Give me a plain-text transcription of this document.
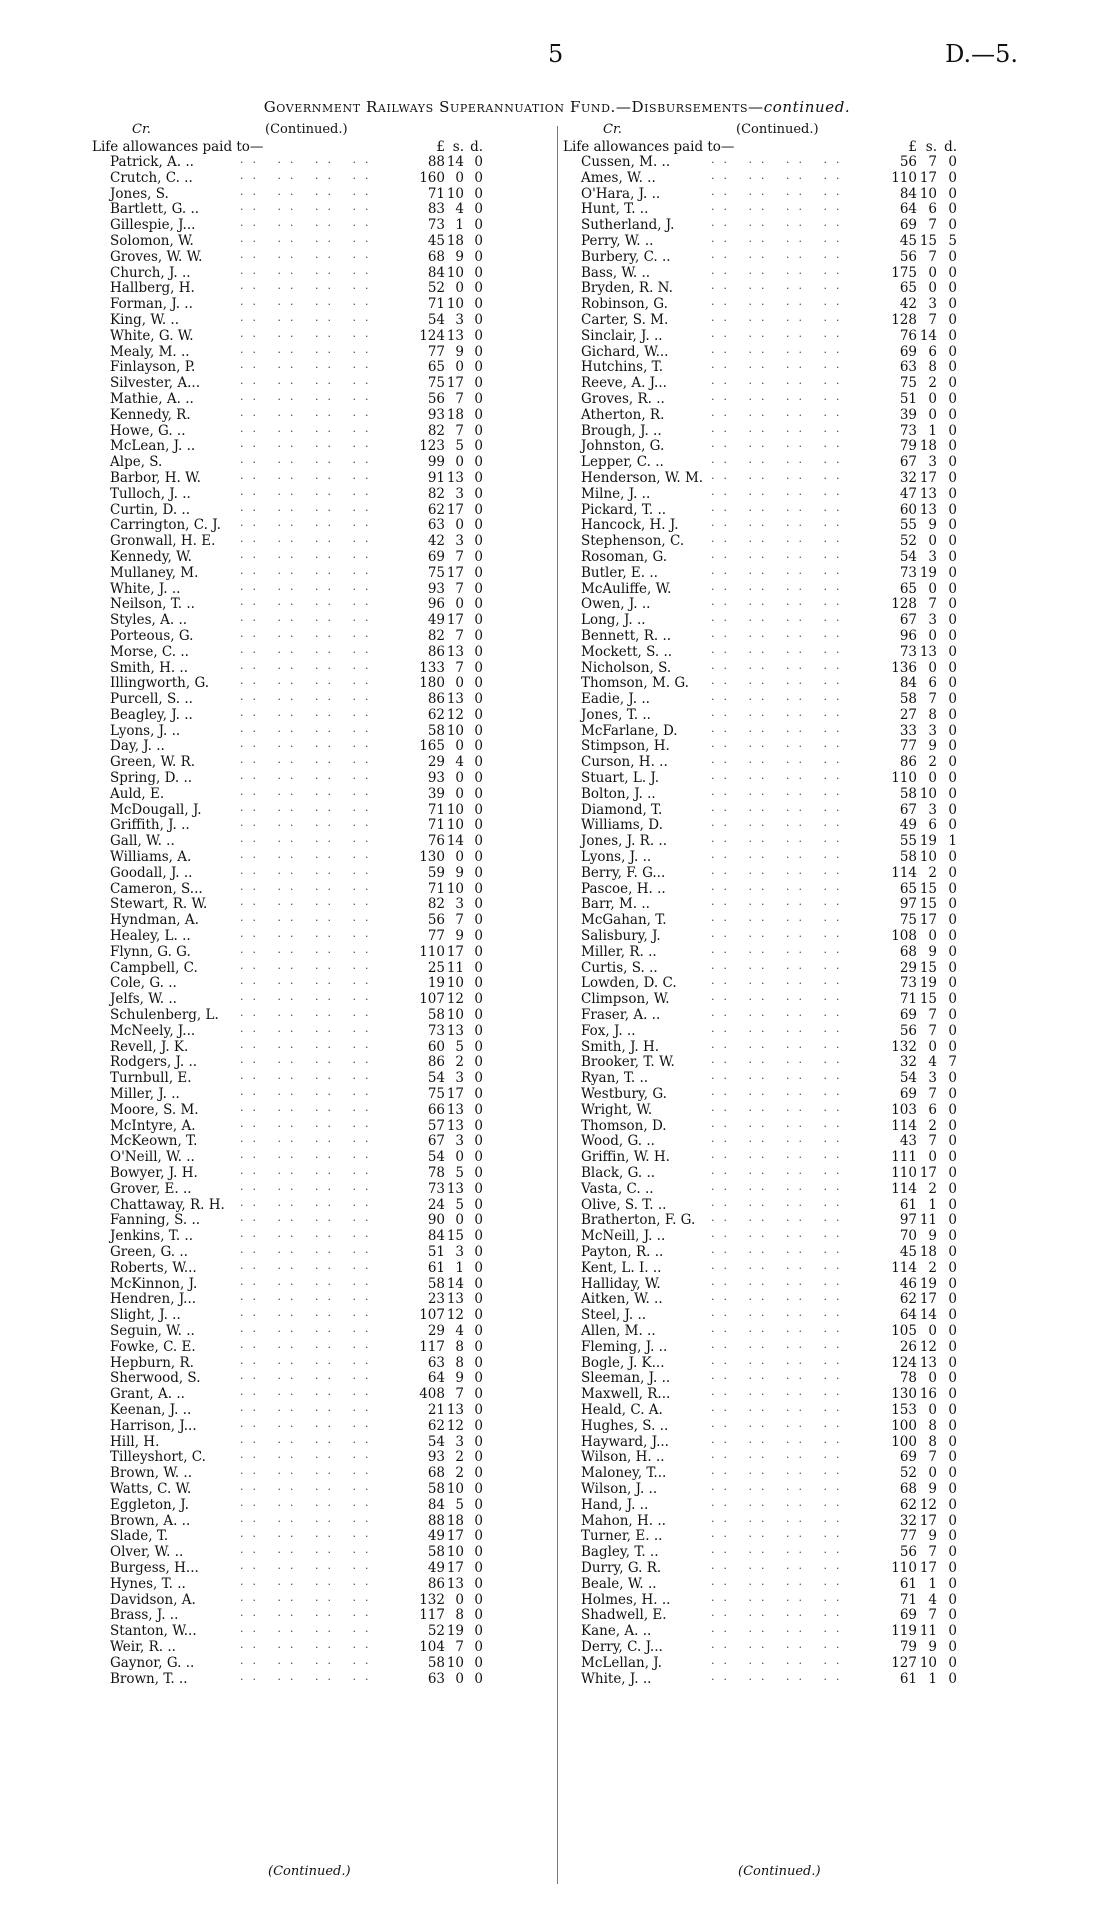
5	D.—5.
Government Railways Superannuation Fund.—Disbursements—continued.
Cr.	(Continued.)
Life allowances paid to—	£ s. d.
Patrick, A. ..	88 14 0
·· ·· ·· ··
Crutch, C. ..	160 0 0
·· ·· ·· ··
Jones, S.	71 10 0
·· ·· ·· ··
Bartlett, G. ..	83 4 0
·· ·· ·· ··
Gillespie, J...	73 1 0
·· ·· ·· ··
Solomon, W.	45 18 0
·· ·· ·· ··
Groves, W. W.	68 9 0
·· ·· ·· ··
Church, J. ..	84 10 0
·· ·· ·· ··
Hallberg, H.	52 0 0
·· ·· ·· ··
Forman, J. ..	71 10 0
·· ·· ·· ··
King, W. ..	54 3 0
·· ·· ·· ··
White, G. W.	124 13 0
·· ·· ·· ··
Mealy, M. ..	77 9 0
·· ·· ·· ··
Finlayson, P.	65 0 0
·· ·· ·· ··
Silvester, A...	75 17 0
·· ·· ·· ··
Mathie, A. ..	56 7 0
·· ·· ·· ··
Kennedy, R.	93 18 0
·· ·· ·· ··
Howe, G. ..	82 7 0
·· ·· ·· ··
McLean, J. ..	123 5 0
·· ·· ·· ··
Alpe, S.	99 0 0
·· ·· ·· ··
Barbor, H. W.	91 13 0
·· ·· ·· ··
Tulloch, J. ..	82 3 0
·· ·· ·· ··
Curtin, D. ..	62 17 0
·· ·· ·· ··
Carrington, C. J.	63 0 0
·· ·· ·· ··
Gronwall, H. E.	42 3 0
·· ·· ·· ··
Kennedy, W.	69 7 0
·· ·· ·· ··
Mullaney, M.	75 17 0
·· ·· ·· ··
White, J. ..	93 7 0
·· ·· ·· ··
Neilson, T. ..	96 0 0
·· ·· ·· ··
Styles, A. ..	49 17 0
·· ·· ·· ··
Porteous, G.	82 7 0
·· ·· ·· ··
Morse, C. ..	86 13 0
·· ·· ·· ··
Smith, H. ..	133 7 0
·· ·· ·· ··
Illingworth, G.	180 0 0
·· ·· ·· ··
Purcell, S. ..	86 13 0
·· ·· ·· ··
Beagley, J. ..	62 12 0
·· ·· ·· ··
Lyons, J. ..	58 10 0
·· ·· ·· ··
Day, J. ..	165 0 0
·· ·· ·· ··
Green, W. R.	29 4 0
·· ·· ·· ··
Spring, D. ..	93 0 0
·· ·· ·· ··
Auld, E.	39 0 0
·· ·· ·· ··
McDougall, J.	71 10 0
·· ·· ·· ··
Griffith, J. ..	71 10 0
·· ·· ·· ··
Gall, W. ..	76 14 0
·· ·· ·· ··
Williams, A.	130 0 0
·· ·· ·· ··
Goodall, J. ..	59 9 0
·· ·· ·· ··
Cameron, S...	71 10 0
·· ·· ·· ··
Stewart, R. W.	82 3 0
·· ·· ·· ··
Hyndman, A.	56 7 0
·· ·· ·· ··
Healey, L. ..	77 9 0
·· ·· ·· ··
Flynn, G. G.	110 17 0
·· ·· ·· ··
Campbell, C.	25 11 0
·· ·· ·· ··
Cole, G. ..	19 10 0
·· ·· ·· ··
Jelfs, W. ..	107 12 0
·· ·· ·· ··
Schulenberg, L.	58 10 0
·· ·· ·· ··
McNeely, J...	73 13 0
·· ·· ·· ··
Revell, J. K.	60 5 0
·· ·· ·· ··
Rodgers, J. ..	86 2 0
·· ·· ·· ··
Turnbull, E.	54 3 0
·· ·· ·· ··
Miller, J. ..	75 17 0
·· ·· ·· ··
Moore, S. M.	66 13 0
·· ·· ·· ··
McIntyre, A.	57 13 0
·· ·· ·· ··
McKeown, T.	67 3 0
·· ·· ·· ··
O'Neill, W. ..	54 0 0
·· ·· ·· ··
Bowyer, J. H.	78 5 0
·· ·· ·· ··
Grover, E. ..	73 13 0
·· ·· ·· ··
Chattaway, R. H.	24 5 0
·· ·· ·· ··
Fanning, S. ..	90 0 0
·· ·· ·· ··
Jenkins, T. ..	84 15 0
·· ·· ·· ··
Green, G. ..	51 3 0
·· ·· ·· ··
Roberts, W...	61 1 0
·· ·· ·· ··
McKinnon, J.	58 14 0
·· ·· ·· ··
Hendren, J...	23 13 0
·· ·· ·· ··
Slight, J. ..	107 12 0
·· ·· ·· ··
Seguin, W. ..	29 4 0
·· ·· ·· ··
Fowke, C. E.	117 8 0
·· ·· ·· ··
Hepburn, R.	63 8 0
·· ·· ·· ··
Sherwood, S.	64 9 0
·· ·· ·· ··
Grant, A. ..	408 7 0
·· ·· ·· ··
Keenan, J. ..	21 13 0
·· ·· ·· ··
Harrison, J...	62 12 0
·· ·· ·· ··
Hill, H.	54 3 0
·· ·· ·· ··
Tilleyshort, C.	93 2 0
·· ·· ·· ··
Brown, W. ..	68 2 0
·· ·· ·· ··
Watts, C. W.	58 10 0
·· ·· ·· ··
Eggleton, J.	84 5 0
·· ·· ·· ··
Brown, A. ..	88 18 0
·· ·· ·· ··
Slade, T.	49 17 0
·· ·· ·· ··
Olver, W. ..	58 10 0
·· ·· ·· ··
Burgess, H...	49 17 0
·· ·· ·· ··
Hynes, T. ..	86 13 0
·· ·· ·· ··
Davidson, A.	132 0 0
·· ·· ·· ··
Brass, J. ..	117 8 0
·· ·· ·· ··
Stanton, W...	52 19 0
·· ·· ·· ··
Weir, R. ..	104 7 0
·· ·· ·· ··
Gaynor, G. ..	58 10 0
·· ·· ·· ··
Brown, T. ..	63 0 0
·· ·· ·· ··
Cr.	(Continued.)
Life allowances paid to—	£ s. d.
Cussen, M. ..	56 7 0
·· ·· ·· ··
Ames, W. ..	110 17 0
·· ·· ·· ··
O'Hara, J. ..	84 10 0
·· ·· ·· ··
Hunt, T. ..	64 6 0
·· ·· ·· ··
Sutherland, J.	69 7 0
·· ·· ·· ··
Perry, W. ..	45 15 5
·· ·· ·· ··
Burbery, C. ..	56 7 0
·· ·· ·· ··
Bass, W. ..	175 0 0
·· ·· ·· ··
Bryden, R. N.	65 0 0
·· ·· ·· ··
Robinson, G.	42 3 0
·· ·· ·· ··
Carter, S. M.	128 7 0
·· ·· ·· ··
Sinclair, J. ..	76 14 0
·· ·· ·· ··
Gichard, W...	69 6 0
·· ·· ·· ··
Hutchins, T.	63 8 0
·· ·· ·· ··
Reeve, A. J...	75 2 0
·· ·· ·· ··
Groves, R. ..	51 0 0
·· ·· ·· ··
Atherton, R.	39 0 0
·· ·· ·· ··
Brough, J. ..	73 1 0
·· ·· ·· ··
Johnston, G.	79 18 0
·· ·· ·· ··
Lepper, C. ..	67 3 0
·· ·· ·· ··
Henderson, W. M.	32 17 0
·· ·· ·· ··
Milne, J. ..	47 13 0
·· ·· ·· ··
Pickard, T. ..	60 13 0
·· ·· ·· ··
Hancock, H. J.	55 9 0
·· ·· ·· ··
Stephenson, C.	52 0 0
·· ·· ·· ··
Rosoman, G.	54 3 0
·· ·· ·· ··
Butler, E. ..	73 19 0
·· ·· ·· ··
McAuliffe, W.	65 0 0
·· ·· ·· ··
Owen, J. ..	128 7 0
·· ·· ·· ··
Long, J. ..	67 3 0
·· ·· ·· ··
Bennett, R. ..	96 0 0
·· ·· ·· ··
Mockett, S. ..	73 13 0
·· ·· ·· ··
Nicholson, S.	136 0 0
·· ·· ·· ··
Thomson, M. G.	84 6 0
·· ·· ·· ··
Eadie, J. ..	58 7 0
·· ·· ·· ··
Jones, T. ..	27 8 0
·· ·· ·· ··
McFarlane, D.	33 3 0
·· ·· ·· ··
Stimpson, H.	77 9 0
·· ·· ·· ··
Curson, H. ..	86 2 0
·· ·· ·· ··
Stuart, L. J.	110 0 0
·· ·· ·· ··
Bolton, J. ..	58 10 0
·· ·· ·· ··
Diamond, T.	67 3 0
·· ·· ·· ··
Williams, D.	49 6 0
·· ·· ·· ··
Jones, J. R. ..	55 19 1
·· ·· ·· ··
Lyons, J. ..	58 10 0
·· ·· ·· ··
Berry, F. G...	114 2 0
·· ·· ·· ··
Pascoe, H. ..	65 15 0
·· ·· ·· ··
Barr, M. ..	97 15 0
·· ·· ·· ··
McGahan, T.	75 17 0
·· ·· ·· ··
Salisbury, J.	108 0 0
·· ·· ·· ··
Miller, R. ..	68 9 0
·· ·· ·· ··
Curtis, S. ..	29 15 0
·· ·· ·· ··
Lowden, D. C.	73 19 0
·· ·· ·· ··
Climpson, W.	71 15 0
·· ·· ·· ··
Fraser, A. ..	69 7 0
·· ·· ·· ··
Fox, J. ..	56 7 0
·· ·· ·· ··
Smith, J. H.	132 0 0
·· ·· ·· ··
Brooker, T. W.	32 4 7
·· ·· ·· ··
Ryan, T. ..	54 3 0
·· ·· ·· ··
Westbury, G.	69 7 0
·· ·· ·· ··
Wright, W.	103 6 0
·· ·· ·· ··
Thomson, D.	114 2 0
·· ·· ·· ··
Wood, G. ..	43 7 0
·· ·· ·· ··
Griffin, W. H.	111 0 0
·· ·· ·· ··
Black, G. ..	110 17 0
·· ·· ·· ··
Vasta, C. ..	114 2 0
·· ·· ·· ··
Olive, S. T. ..	61 1 0
·· ·· ·· ··
Bratherton, F. G.	97 11 0
·· ·· ·· ··
McNeill, J. ..	70 9 0
·· ·· ·· ··
Payton, R. ..	45 18 0
·· ·· ·· ··
Kent, L. I. ..	114 2 0
·· ·· ·· ··
Halliday, W.	46 19 0
·· ·· ·· ··
Aitken, W. ..	62 17 0
·· ·· ·· ··
Steel, J. ..	64 14 0
·· ·· ·· ··
Allen, M. ..	105 0 0
·· ·· ·· ··
Fleming, J. ..	26 12 0
·· ·· ·· ··
Bogle, J. K...	124 13 0
·· ·· ·· ··
Sleeman, J. ..	78 0 0
·· ·· ·· ··
Maxwell, R...	130 16 0
·· ·· ·· ··
Heald, C. A.	153 0 0
·· ·· ·· ··
Hughes, S. ..	100 8 0
·· ·· ·· ··
Hayward, J...	100 8 0
·· ·· ·· ··
Wilson, H. ..	69 7 0
·· ·· ·· ··
Maloney, T...	52 0 0
·· ·· ·· ··
Wilson, J. ..	68 9 0
·· ·· ·· ··
Hand, J. ..	62 12 0
·· ·· ·· ··
Mahon, H. ..	32 17 0
·· ·· ·· ··
Turner, E. ..	77 9 0
·· ·· ·· ··
Bagley, T. ..	56 7 0
·· ·· ·· ··
Durry, G. R.	110 17 0
·· ·· ·· ··
Beale, W. ..	61 1 0
·· ·· ·· ··
Holmes, H. ..	71 4 0
·· ·· ·· ··
Shadwell, E.	69 7 0
·· ·· ·· ··
Kane, A. ..	119 11 0
·· ·· ·· ··
Derry, C. J...	79 9 0
·· ·· ·· ··
McLellan, J.	127 10 0
·· ·· ·· ··
White, J. ..	61 1 0
·· ·· ·· ··
(Continued.)	(Continued.)
